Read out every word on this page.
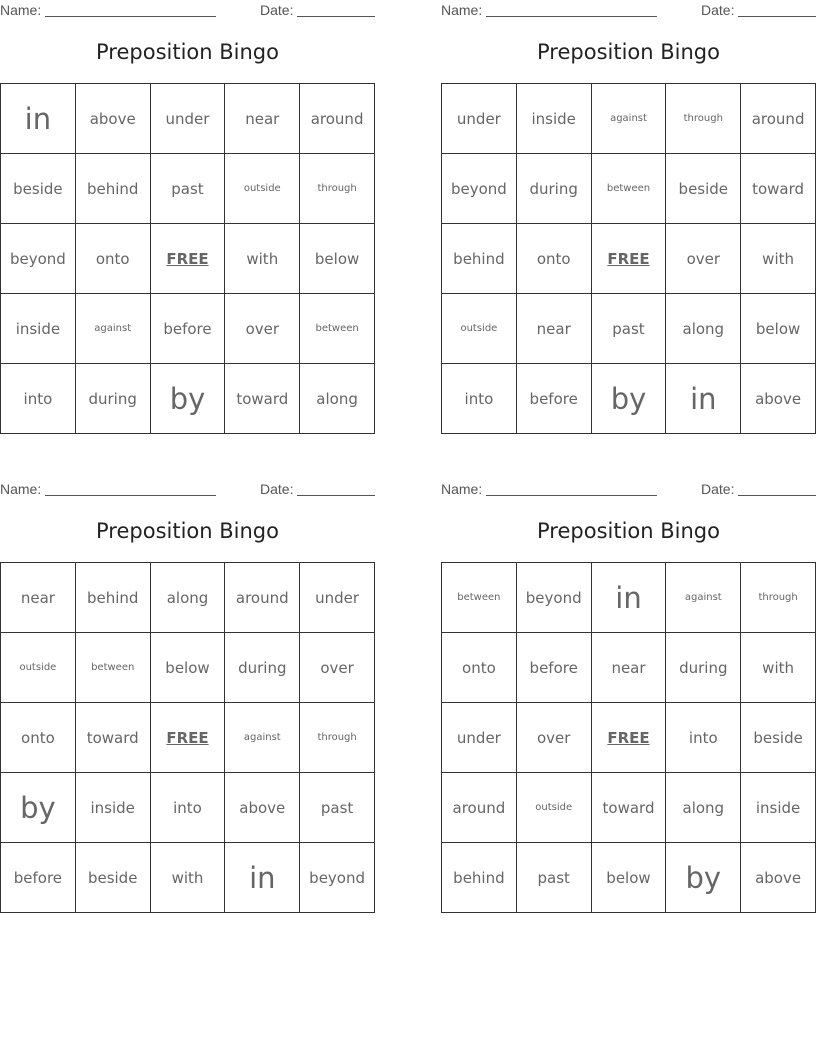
Name:	Date:
Preposition Bingo
in	above	under	near	around
beside	behind	past	outside	through
beyond	onto	FREE	with	below
inside	against	before	over	between
into	during	by	toward	along
Name:	Date:
Preposition Bingo
under	inside	against	through	around
beyond	during	between	beside	toward
behind	onto	FREE	over	with
outside	near	past	along	below
into	before	by	in	above
Name:	Date:
Preposition Bingo
near	behind	along	around	under
outside	between	below	during	over
onto	toward	FREE	against	through
by	inside	into	above	past
before	beside	with	in	beyond
Name:	Date:
Preposition Bingo
between	beyond	in	against	through
onto	before	near	during	with
under	over	FREE	into	beside
around	outside	toward	along	inside
behind	past	below	by	above
